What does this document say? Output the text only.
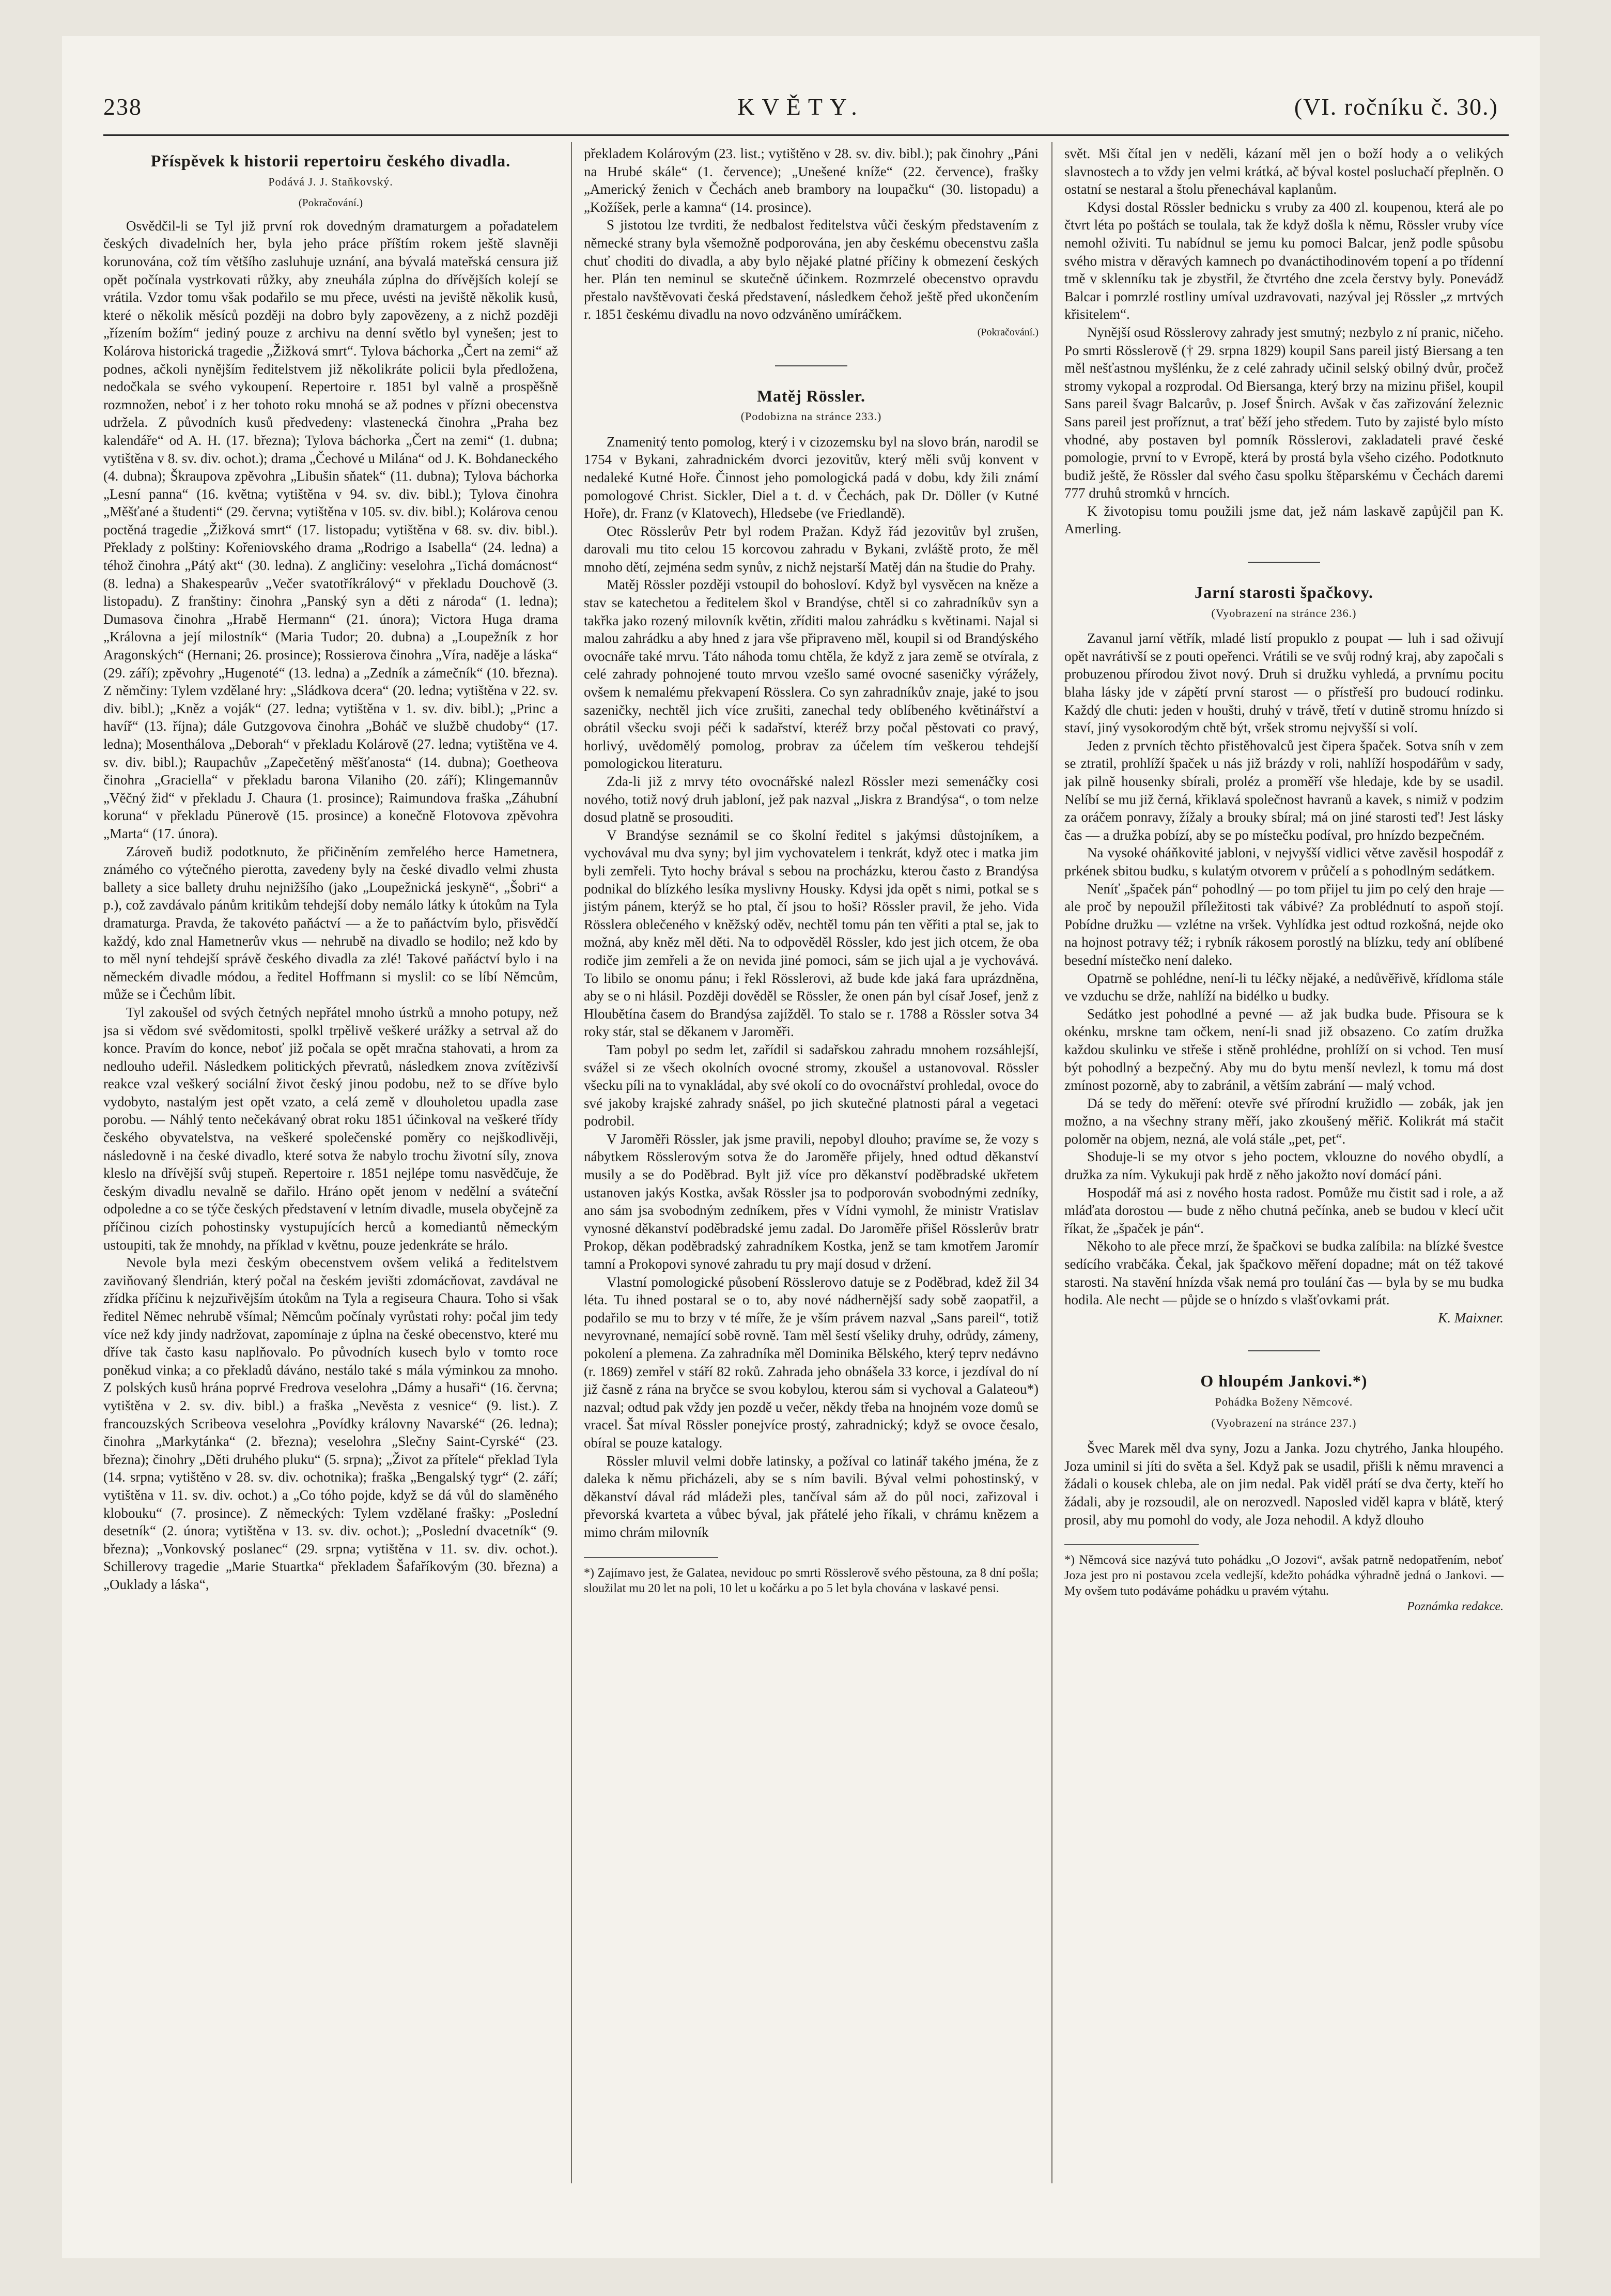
238	KVĚTY.	(VI. ročníku č. 30.)

Příspěvek k historii repertoiru českého divadla.

Podává J. J. Staňkovský.

(Pokračování.)

Osvědčil-li se Tyl již první rok dovedným dramaturgem a pořadatelem českých divadelních her, byla jeho práce příštím rokem ještě slavněji korunována, což tím většího zasluhuje uznání, ana bývalá mateřská censura již opět počínala vystrkovati růžky, aby zneuhála zúplna do dřívějších kolejí se vrátila. Vzdor tomu však podařilo se mu přece, uvésti na jeviště několik kusů, které o několik měsíců později na dobro byly zapovězeny, a z nichž později „řízením božím“ jediný pouze z archivu na denní světlo byl vynešen; jest to Kolárova historická tragedie „Žižková smrt“. Tylova báchorka „Čert na zemi“ až podnes, ačkoli nynějším ředitelstvem již několikráte policii byla předložena, nedočkala se svého vykoupení. Repertoire r. 1851 byl valně a prospěšně rozmnožen, neboť i z her tohoto roku mnohá se až podnes v přízni obecenstva udržela. Z původních kusů předvedeny: vlastenecká činohra „Praha bez kalendáře“ od A. H. (17. března); Tylova báchorka „Čert na zemi“ (1. dubna; vytištěna v 8. sv. div. ochot.); drama „Čechové u Milána“ od J. K. Bohdaneckého (4. dubna); Škraupova zpěvohra „Libušin sňatek“ (11. dubna); Tylova báchorka „Lesní panna“ (16. května; vytištěna v 94. sv. div. bibl.); Tylova činohra „Měšťané a študenti“ (29. června; vytištěna v 105. sv. div. bibl.); Kolárova cenou poctěná tragedie „Žižková smrt“ (17. listopadu; vytištěna v 68. sv. div. bibl.). Překlady z polštiny: Kořeniovského drama „Rodrigo a Isabella“ (24. ledna) a téhož činohra „Pátý akt“ (30. ledna). Z angličiny: veselohra „Tichá domácnost“ (8. ledna) a Shakespearův „Večer svatotříkrálový“ v překladu Douchově (3. listopadu). Z franštiny: činohra „Panský syn a děti z národa“ (1. ledna); Dumasova činohra „Hrabě Hermann“ (21. února); Victora Huga drama „Královna a její milostník“ (Maria Tudor; 20. dubna) a „Loupežník z hor Aragonských“ (Hernani; 26. prosince); Rossierova činohra „Víra, naděje a láska“ (29. září); zpěvohry „Hugenoté“ (13. ledna) a „Zedník a zámečník“ (10. března). Z němčiny: Tylem vzdělané hry: „Sládkova dcera“ (20. ledna; vytištěna v 22. sv. div. bibl.); „Kněz a voják“ (27. ledna; vytištěna v 1. sv. div. bibl.); „Princ a havíř“ (13. října); dále Gutzgovova činohra „Boháč ve službě chudoby“ (17. ledna); Mosenthálova „Deborah“ v překladu Kolárově (27. ledna; vytištěna ve 4. sv. div. bibl.); Raupachův „Zapečetěný měšťanosta“ (14. dubna); Goetheova činohra „Graciella“ v překladu barona Vilaniho (20. září); Klingemannův „Věčný žid“ v překladu J. Chaura (1. prosince); Raimundova fraška „Záhubní koruna“ v překladu Pünerově (15. prosince) a konečně Flotovova zpěvohra „Marta“ (17. února).

Zároveň budiž podotknuto, že přičiněním zemřelého herce Hametnera, známého co výtečného pierotta, zavedeny byly na české divadlo velmi zhusta ballety a sice ballety druhu nejnižšího (jako „Loupežnická jeskyně“, „Šobri“ a p.), což zavdávalo pánům kritikům tehdejší doby nemálo látky k útokům na Tyla dramaturga. Pravda, že takovéto paňáctví — a že to paňáctvím bylo, přisvědčí každý, kdo znal Hametnerův vkus — nehrubě na divadlo se hodilo; než kdo by to měl nyní tehdejší správě českého divadla za zlé! Takové paňáctví bylo i na německém divadle módou, a ředitel Hoffmann si myslil: co se líbí Němcům, může se i Čechům líbit.

Tyl zakoušel od svých četných nepřátel mnoho ústrků a mnoho potupy, než jsa si vědom své svědomitosti, spolkl trpělivě veškeré urážky a setrval až do konce. Pravím do konce, neboť již počala se opět mračna stahovati, a hrom za nedlouho udeřil. Následkem politických převratů, následkem znova zvítězivší reakce vzal veškerý sociální život český jinou podobu, než to se dříve bylo vydobyto, nastalým jest opět vzato, a celá země v dlouholetou upadla zase porobu. — Náhlý tento nečekávaný obrat roku 1851 účinkoval na veškeré třídy českého obyvatelstva, na veškeré společenské poměry co nejškodlivěji, následovně i na české divadlo, které sotva že nabylo trochu životní síly, znova kleslo na dřívější svůj stupeň. Repertoire r. 1851 nejlépe tomu nasvědčuje, že českým divadlu nevalně se dařilo. Hráno opět jenom v nedělní a sváteční odpoledne a co se týče českých představení v letním divadle, musela obyčejně za příčinou cizích pohostinsky vystupujících herců a komediantů německým ustoupiti, tak že mnohdy, na příklad v květnu, pouze jedenkráte se hrálo.

Nevole byla mezi českým obecenstvem ovšem veliká a ředitelstvem zaviňovaný šlendrián, který počal na českém jevišti zdomácňovat, zavdával ne zřídka příčinu k nejzuřivějším útokům na Tyla a regiseura Chaura. Toho si však ředitel Němec nehrubě všímal; Němcům počínaly vyrůstati rohy: počal jim tedy více než kdy jindy nadržovat, zapomínaje z úplna na české obecenstvo, které mu dříve tak často kasu naplňovalo. Po původních kusech bylo v tomto roce poněkud vinka; a co překladů dáváno, nestálo také s mála výminkou za mnoho. Z polských kusů hrána poprvé Fredrova veselohra „Dámy a husaři“ (16. června; vytištěna v 2. sv. div. bibl.) a fraška „Nevěsta z vesnice“ (9. list.). Z francouzských Scribeova veselohra „Povídky královny Navarské“ (26. ledna); činohra „Markytánka“ (2. března); veselohra „Slečny Saint-Cyrské“ (23. března); činohry „Děti druhého pluku“ (5. srpna); „Život za přítele“ překlad Tyla (14. srpna; vytištěno v 28. sv. div. ochotnika); fraška „Bengalský tygr“ (2. září; vytištěna v 11. sv. div. ochot.) a „Co tóho pojde, když se dá vůl do slaměného klobouku“ (7. prosince). Z německých: Tylem vzdělané frašky: „Poslední desetník“ (2. února; vytištěna v 13. sv. div. ochot.); „Poslední dvacetník“ (9. března); „Vonkovský poslanec“ (29. srpna; vytištěna v 11. sv. div. ochot.). Schillerovy tragedie „Marie Stuartka“ překladem Šafaříkovým (30. března) a „Ouklady a láska“,

překladem Kolárovým (23. list.; vytištěno v 28. sv. div. bibl.); pak činohry „Páni na Hrubé skále“ (1. července); „Unešené kníže“ (22. července), frašky „Americký ženich v Čechách aneb brambory na loupačku“ (30. listopadu) a „Kožíšek, perle a kamna“ (14. prosince).

S jistotou lze tvrditi, že nedbalost ředitelstva vůči českým představením z německé strany byla všemožně podporována, jen aby českému obecenstvu zašla chuť choditi do divadla, a aby bylo nějaké platné příčiny k obmezení českých her. Plán ten neminul se skutečně účinkem. Rozmrzelé obecenstvo opravdu přestalo navštěvovati česká představení, následkem čehož ještě před ukončením r. 1851 českému divadlu na novo odzváněno umíráčkem.

(Pokračování.)

Matěj Rössler.

(Podobizna na stránce 233.)

Znamenitý tento pomolog, který i v cizozemsku byl na slovo brán, narodil se 1754 v Bykani, zahradnickém dvorci jezovitův, který měli svůj konvent v nedaleké Kutné Hoře. Činnost jeho pomologická padá v dobu, kdy žili známí pomologové Christ. Sickler, Diel a t. d. v Čechách, pak Dr. Döller (v Kutné Hoře), dr. Franz (v Klatovech), Hledsebe (ve Friedlandě).

Otec Rösslerův Petr byl rodem Pražan. Když řád jezovitův byl zrušen, darovali mu tito celou 15 korcovou zahradu v Bykani, zvláště proto, že měl mnoho dětí, zejména sedm synův, z nichž nejstarší Matěj dán na študie do Prahy.

Matěj Rössler později vstoupil do bohosloví. Když byl vysvěcen na kněze a stav se katechetou a ředitelem škol v Brandýse, chtěl si co zahradníkův syn a takřka jako rozený milovník květin, zříditi malou zahrádku s květinami. Najal si malou zahrádku a aby hned z jara vše připraveno měl, koupil si od Brandýského ovocnáře také mrvu. Táto náhoda tomu chtěla, že když z jara země se otvírala, z celé zahrady pohnojené touto mrvou vzešlo samé ovocné saseničky výrážely, ovšem k nemalému překvapení Rösslera. Co syn zahradníkův znaje, jaké to jsou sazeničky, nechtěl jich více zrušiti, zanechal tedy oblíbeného květinářství a obrátil všecku svoji péči k sadařství, kteréž brzy počal pěstovati co pravý, horlivý, uvědomělý pomolog, probrav za účelem tím veškerou tehdejší pomologickou literaturu.

Zda-li již z mrvy této ovocnářské nalezl Rössler mezi semenáčky cosi nového, totiž nový druh jabloní, jež pak nazval „Jiskra z Brandýsa“, o tom nelze dosud platně se prosouditi.

V Brandýse seznámil se co školní ředitel s jakýmsi důstojníkem, a vychovával mu dva syny; byl jim vychovatelem i tenkrát, když otec i matka jim byli zemřeli. Tyto hochy brával s sebou na procházku, kterou často z Brandýsa podnikal do blízkého lesíka myslivny Housky. Kdysi jda opět s nimi, potkal se s jistým pánem, kterýž se ho ptal, čí jsou to hoši? Rössler pravil, že jeho. Vida Rösslera oblečeného v kněžský oděv, nechtěl tomu pán ten věřiti a ptal se, jak to možná, aby kněz měl děti. Na to odpověděl Rössler, kdo jest jich otcem, že oba rodiče jim zemřeli a že on nevida jiné pomoci, sám se jich ujal a je vychovává. To libilo se onomu pánu; i řekl Rösslerovi, až bude kde jaká fara uprázdněna, aby se o ni hlásil. Později dověděl se Rössler, že onen pán byl císař Josef, jenž z Hloubětína časem do Brandýsa zajížděl. To stalo se r. 1788 a Rössler sotva 34 roky stár, stal se děkanem v Jaroměři.

Tam pobyl po sedm let, zařídil si sadařskou zahradu mnohem rozsáhlejší, svážel si ze všech okolních ovocné stromy, zkoušel a ustanovoval. Rössler všecku píli na to vynakládal, aby své okolí co do ovocnářství prohledal, ovoce do své jakoby krajské zahrady snášel, po jich skutečné platnosti páral a vegetaci podrobil.

V Jaroměři Rössler, jak jsme pravili, nepobyl dlouho; pravíme se, že vozy s nábytkem Rösslerovým sotva že do Jaroměře přijely, hned odtud děkanství musily a se do Poděbrad. Bylt již více pro děkanství poděbradské ukřetem ustanoven jakýs Kostka, avšak Rössler jsa to podporován svobodnými zedníky, ano sám jsa svobodným zedníkem, přes v Vídni vymohl, že ministr Vratislav vynosné děkanství poděbradské jemu zadal. Do Jaroměře přišel Rösslerův bratr Prokop, děkan poděbradský zahradníkem Kostka, jenž se tam kmotřem Jaromír tamní a Prokopovi synové zahradu tu pry mají dosud v držení.

Vlastní pomologické působení Rösslerovo datuje se z Poděbrad, kdež žil 34 léta. Tu ihned postaral se o to, aby nové nádhernější sady sobě zaopatřil, a podařilo se mu to brzy v té míře, že je vším právem nazval „Sans pareil“, totiž nevyrovnané, nemající sobě rovně. Tam měl šestí všeliky druhy, odrůdy, zámeny, pokolení a plemena. Za zahradníka měl Dominika Bělského, který teprv nedávno (r. 1869) zemřel v stáří 82 roků. Zahrada jeho obnášela 33 korce, i jezdíval do ní již časně z rána na bryčce se svou kobylou, kterou sám si vychoval a Galateou*) nazval; odtud pak vždy jen pozdě u večer, někdy třeba na hnojném voze domů se vracel. Šat míval Rössler ponejvíce prostý, zahradnický; když se ovoce česalo, obíral se pouze katalogy.

Rössler mluvil velmi dobře latinsky, a požíval co latinář takého jména, že z daleka k němu přicházeli, aby se s ním bavili. Býval velmi pohostinský, v děkanství dával rád mládeži ples, tančíval sám až do půl noci, zařizoval i převorská kvarteta a vůbec býval, jak přátelé jeho říkali, v chrámu knězem a mimo chrám milovník

*) Zajímavo jest, že Galatea, nevidouc po smrti Rösslerově svého pěstouna, za 8 dní pošla; sloužilat mu 20 let na poli, 10 let u kočárku a po 5 let byla chována v laskavé pensi.

svět. Mši čítal jen v neděli, kázaní měl jen o boží hody a o velikých slavnostech a to vždy jen velmi krátká, ač býval kostel posluchačí přeplněn. O ostatní se nestaral a štolu přenechával kaplanům.

Kdysi dostal Rössler bednicku s vruby za 400 zl. koupenou, která ale po čtvrt léta po poštách se toulala, tak že když došla k němu, Rössler vruby více nemohl oživiti. Tu nabídnul se jemu ku pomoci Balcar, jenž podle spůsobu svého mistra v děravých kamnech po dvanáctihodinovém topení a po třídenní tmě v sklenníku tak je zbystřil, že čtvrtého dne zcela čerstvy byly. Ponevádž Balcar i pomrzlé rostliny umíval uzdravovati, nazýval jej Rössler „z mrtvých křisitelem“.

Nynější osud Rösslerovy zahrady jest smutný; nezbylo z ní pranic, ničeho. Po smrti Rösslerově († 29. srpna 1829) koupil Sans pareil jistý Biersang a ten měl nešťastnou myšlénku, že z celé zahrady učinil selský obilný dvůr, pročež stromy vykopal a rozprodal. Od Biersanga, který brzy na mizinu přišel, koupil Sans pareil švagr Balcarův, p. Josef Šnirch. Avšak v čas zařizování železnic Sans pareil jest proříznut, a trať běží jeho středem. Tuto by zajisté bylo místo vhodné, aby postaven byl pomník Rösslerovi, zakladateli pravé české pomologie, první to v Evropě, která by prostá byla všeho cizého. Podotknuto budiž ještě, že Rössler dal svého času spolku štěparskému v Čechách daremi 777 druhů stromků v hrncích.

K životopisu tomu použili jsme dat, jež nám laskavě zapůjčil pan K. Amerling.

Jarní starosti špačkovy.

(Vyobrazení na stránce 236.)

Zavanul jarní větřík, mladé listí propuklo z poupat — luh i sad oživují opět navrátivší se z pouti opeřenci. Vrátili se ve svůj rodný kraj, aby započali s probuzenou přírodou život nový. Druh si družku vyhledá, a prvnímu pocitu blaha lásky jde v zápětí první starost — o přístřeší pro budoucí rodinku. Každý dle chuti: jeden v houšti, druhý v trávě, třetí v dutině stromu hnízdo si staví, jiný vysokorodým chtě být, vršek stromu nejvyšší si volí.

Jeden z prvních těchto přistěhovalců jest čipera špaček. Sotva sníh v zem se ztratil, prohlíží špaček u nás již brázdy v roli, nahlíží hospodářům v sady, jak pilně housenky sbírali, proléz a proměří vše hledaje, kde by se usadil. Nelíbí se mu již černá, křiklavá společnost havranů a kavek, s nimiž v podzim za oráčem ponravy, žížaly a brouky sbíral; má on jiné starosti teď! Jest lásky čas — a družka pobízí, aby se po místečku podíval, pro hnízdo bezpečném.

Na vysoké oháňkovité jabloni, v nejvyšší vidlici větve zavěsil hospodář z prkének sbitou budku, s kulatým otvorem v průčelí a s pohodlným sedátkem.

Neníť „špaček pán“ pohodlný — po tom přijel tu jim po celý den hraje — ale proč by nepoužil příležitosti tak vábivé? Za problédnutí to aspoň stojí. Pobídne družku — vzlétne na vršek. Vyhlídka jest odtud rozkošná, nejde oko na hojnost potravy též; i rybník rákosem porostlý na blízku, tedy aní oblíbené besední místečko není daleko.

Opatrně se pohlédne, není-li tu léčky nějaké, a nedůvěřivě, křídloma stále ve vzduchu se drže, nahlíží na bidélko u budky.

Sedátko jest pohodlné a pevné — až jak budka bude. Přisoura se k okénku, mrskne tam očkem, není-li snad již obsazeno. Co zatím družka každou skulinku ve střeše i stěně prohlédne, prohlíží on si vchod. Ten musí být pohodlný a bezpečný. Aby mu do bytu menší nevlezl, k tomu má dost zmínost pozorně, aby to zabránil, a větším zabrání — malý vchod.

Dá se tedy do měření: otevře své přírodní kružidlo — zobák, jak jen možno, a na všechny strany měří, jako zkoušený měřič. Kolikrát má stačit poloměr na objem, nezná, ale volá stále „pet, pet“.

Shoduje-li se my otvor s jeho poctem, vklouzne do nového obydlí, a družka za ním. Vykukuji pak hrdě z něho jakožto noví domácí páni.

Hospodář má asi z nového hosta radost. Pomůže mu čistit sad i role, a až mláďata dorostou — bude z něho chutná pečínka, aneb se budou v klecí učit říkat, že „špaček je pán“.

Někoho to ale přece mrzí, že špačkovi se budka zalíbila: na blízké švestce sedícího vrabčáka. Čekal, jak špačkovo měření dopadne; mát on též takové starosti. Na stavění hnízda však nemá pro toulání čas — byla by se mu budka hodila. Ale necht — půjde se o hnízdo s vlašťovkami prát.

K. Maixner.

O hloupém Jankovi.*)

Pohádka Boženy Němcové.

(Vyobrazení na stránce 237.)

Švec Marek měl dva syny, Jozu a Janka. Jozu chytrého, Janka hloupého. Joza uminil si jíti do světa a šel. Když pak se usadil, přišli k němu mravenci a žádali o kousek chleba, ale on jim nedal. Pak viděl prátí se dva čerty, kteří ho žádali, aby je rozsoudil, ale on nerozvedl. Naposled viděl kapra v blátě, který prosil, aby mu pomohl do vody, ale Joza nehodil. A když dlouho

*) Němcová sice nazývá tuto pohádku „O Jozovi“, avšak patrně nedopatřením, neboť Joza jest pro ni postavou zcela vedlejší, kdežto pohádka výhradně jedná o Jankovi. — My ovšem tuto podáváme pohádku u pravém výtahu.

Poznámka redakce.
